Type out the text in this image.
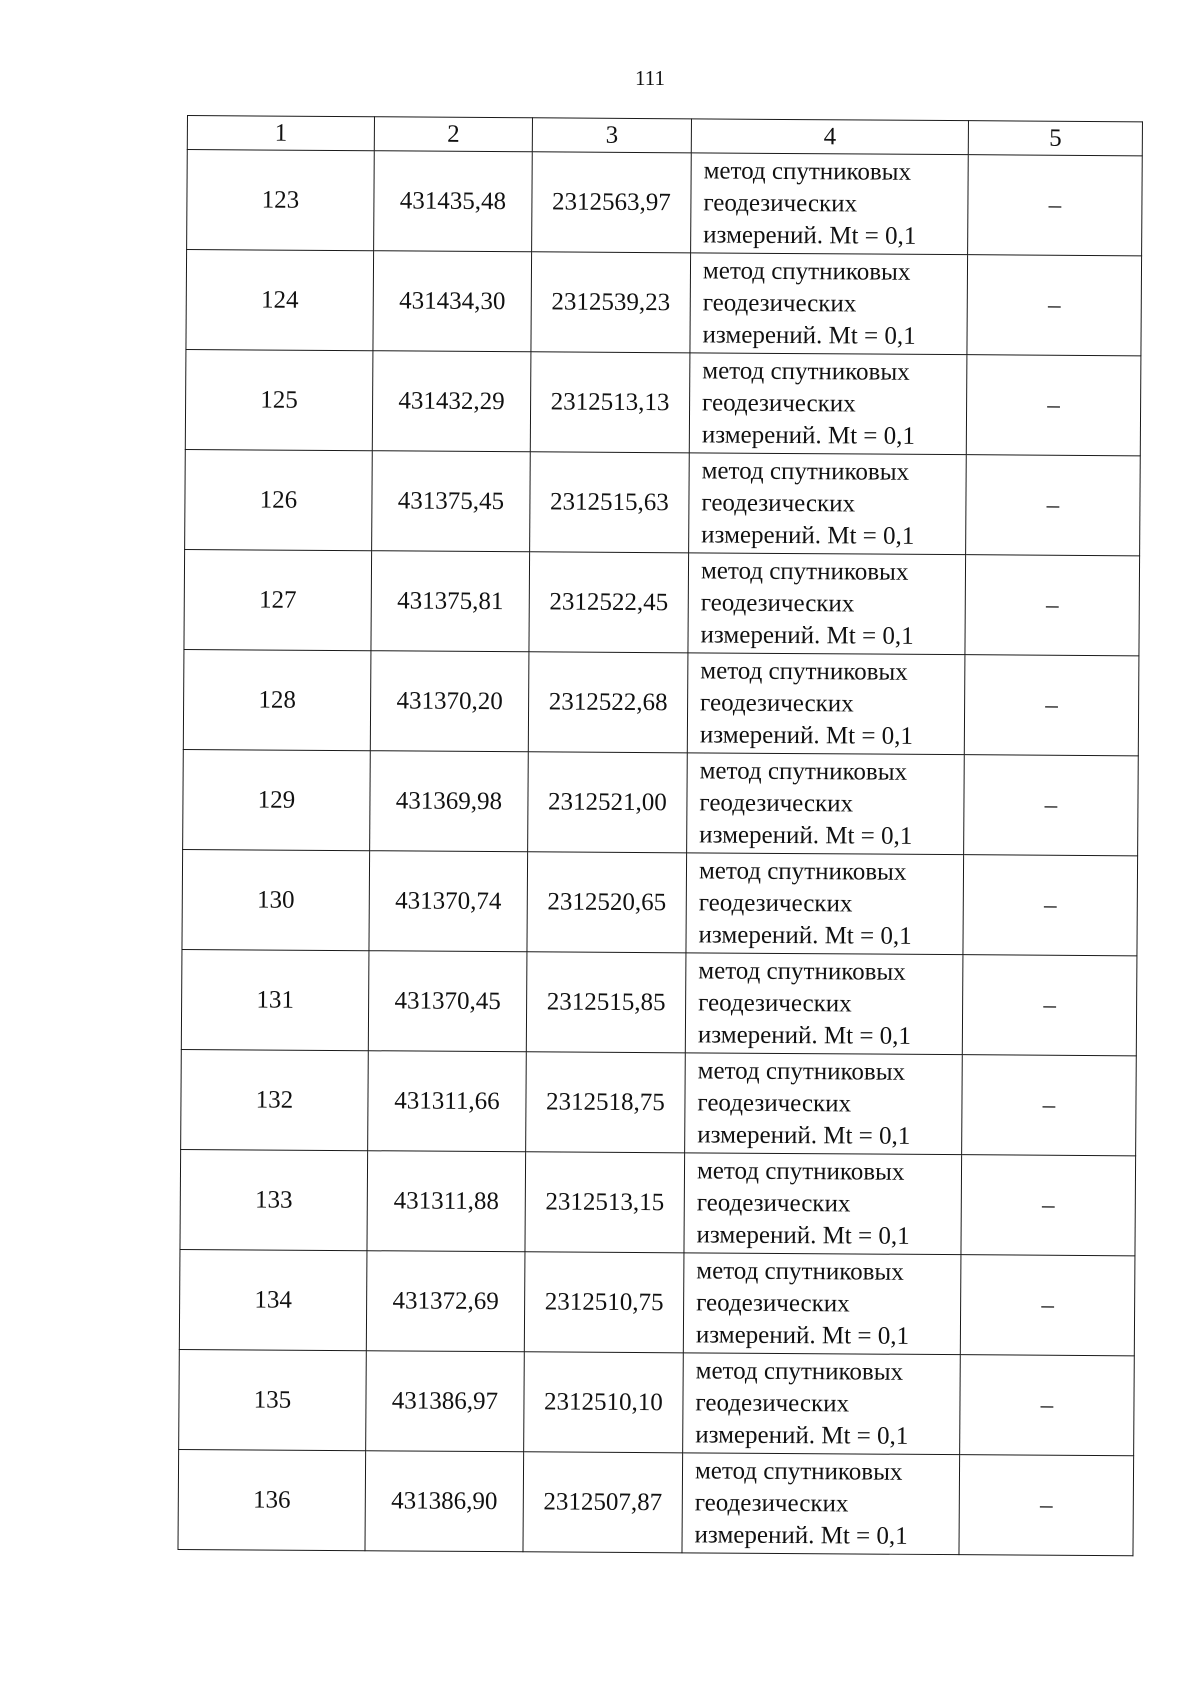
111
1	2	3	4	5
123	431435,48	2312563,97	метод спутниковых
геодезических
измерений. Mt = 0,1	–
124	431434,30	2312539,23	метод спутниковых
геодезических
измерений. Mt = 0,1	–
125	431432,29	2312513,13	метод спутниковых
геодезических
измерений. Mt = 0,1	–
126	431375,45	2312515,63	метод спутниковых
геодезических
измерений. Mt = 0,1	–
127	431375,81	2312522,45	метод спутниковых
геодезических
измерений. Mt = 0,1	–
128	431370,20	2312522,68	метод спутниковых
геодезических
измерений. Mt = 0,1	–
129	431369,98	2312521,00	метод спутниковых
геодезических
измерений. Mt = 0,1	–
130	431370,74	2312520,65	метод спутниковых
геодезических
измерений. Mt = 0,1	–
131	431370,45	2312515,85	метод спутниковых
геодезических
измерений. Mt = 0,1	–
132	431311,66	2312518,75	метод спутниковых
геодезических
измерений. Mt = 0,1	–
133	431311,88	2312513,15	метод спутниковых
геодезических
измерений. Mt = 0,1	–
134	431372,69	2312510,75	метод спутниковых
геодезических
измерений. Mt = 0,1	–
135	431386,97	2312510,10	метод спутниковых
геодезических
измерений. Mt = 0,1	–
136	431386,90	2312507,87	метод спутниковых
геодезических
измерений. Mt = 0,1	–
